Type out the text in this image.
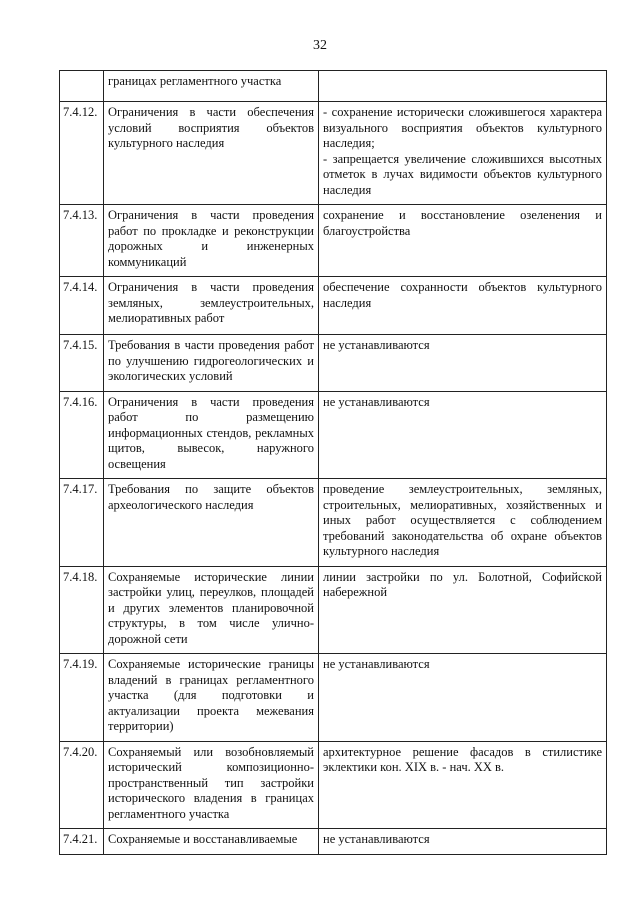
32
	границах регламентного участка	
7.4.12.	Ограничения в части обеспечения условий восприятия объектов культурного наследия	- сохранение исторически сложившегося характера визуального восприятия объектов культурного наследия;
- запрещается увеличение сложившихся высотных отметок в лучах видимости объектов культурного наследия

7.4.13.	Ограничения в части проведения работ по прокладке и реконструкции дорожных и инженерных коммуникаций	сохранение и восстановление озеленения и благоустройства
7.4.14.	Ограничения в части проведения земляных, землеустроительных, мелиоративных работ	обеспечение сохранности объектов культурного наследия
7.4.15.	Требования в части проведения работ по улучшению гидрогеологических и экологических условий	не устанавливаются
7.4.16.	Ограничения в части проведения работ по размещению информационных стендов, рекламных щитов, вывесок, наружного освещения	не устанавливаются
7.4.17.	Требования по защите объектов археологического наследия	проведение землеустроительных, земляных, строительных, мелиоративных, хозяйственных и иных работ осуществляется с соблюдением требований законодательства об охране объектов культурного наследия
7.4.18.	Сохраняемые исторические линии застройки улиц, переулков, площадей и других элементов планировочной структуры, в том числе улично-дорожной сети	линии застройки по ул. Болотной, Софийской набережной
7.4.19.	Сохраняемые исторические границы владений в границах регламентного участка (для подготовки и актуализации проекта межевания территории)	не устанавливаются
7.4.20.	Сохраняемый или возобновляемый исторический композиционно-пространственный тип застройки исторического владения в границах регламентного участка	архитектурное решение фасадов в стилистике эклектики кон. XIX в. - нач. XX в.
7.4.21.	Сохраняемые и восстанавливаемые	не устанавливаются
